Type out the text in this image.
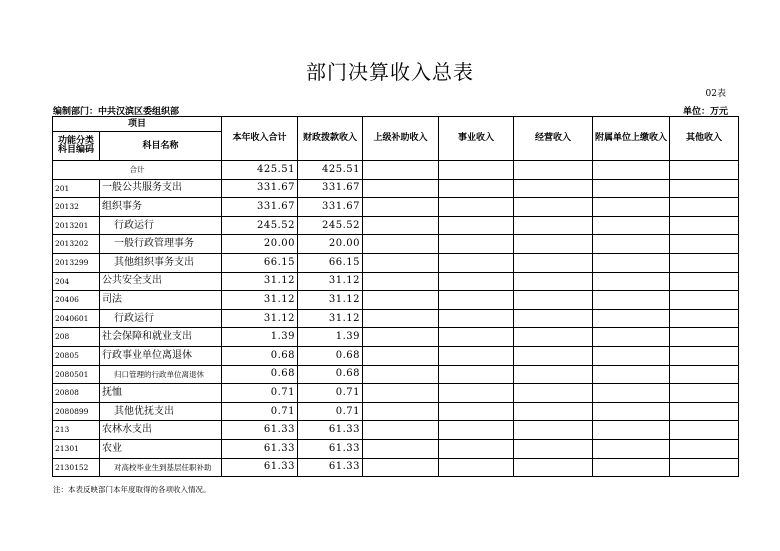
部门决算收入总表
02表
编制部门：中共汉滨区委组织部	单位：万元
项目		本年收入合计	财政拨款收入	上级补助收入	事业收入	经营收入	附属单位上缴收入	其他收入
功能分类科目编码	科目名称							
合计		425.51	425.51					
201	一般公共服务支出	331.67	331.67					
20132	组织事务	331.67	331.67					
2013201	行政运行	245.52	245.52					
2013202	一般行政管理事务	20.00	20.00					
2013299	其他组织事务支出	66.15	66.15					
204	公共安全支出	31.12	31.12					
20406	司法	31.12	31.12					
2040601	行政运行	31.12	31.12					
208	社会保障和就业支出	1.39	1.39					
20805	行政事业单位离退休	0.68	0.68					
2080501	归口管理的行政单位离退休	0.68	0.68					
20808	抚恤	0.71	0.71					
2080899	其他优抚支出	0.71	0.71					
213	农林水支出	61.33	61.33					
21301	农业	61.33	61.33					
2130152	对高校毕业生到基层任职补助	61.33	61.33					
注：本表反映部门本年度取得的各项收入情况。
